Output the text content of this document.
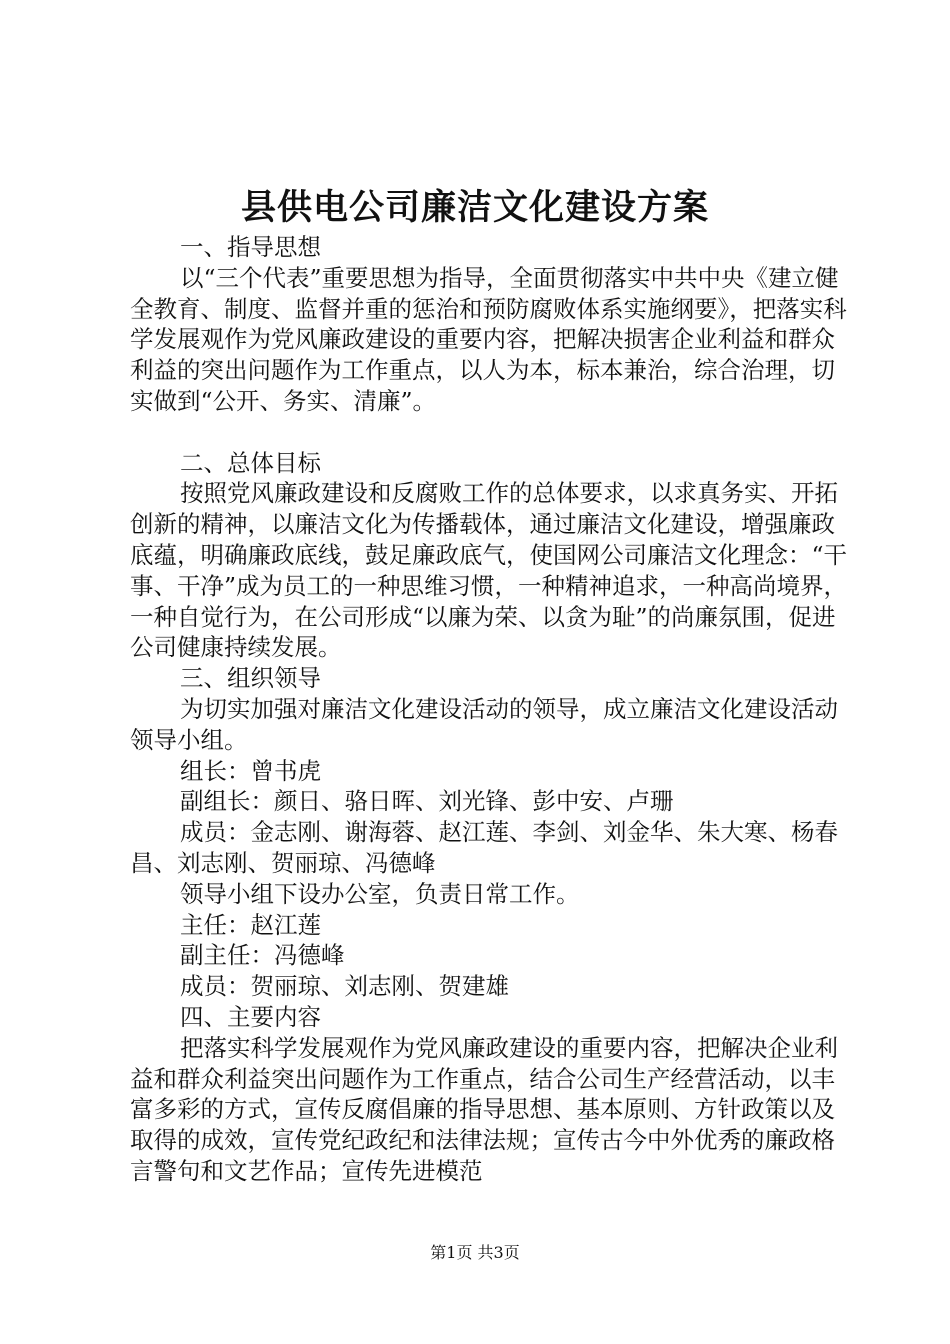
县供电公司廉洁文化建设方案

一、指导思想

以“三个代表”重要思想为指导，全面贯彻落实中共中央《建立健全教育、制度、监督并重的惩治和预防腐败体系实施纲要》，把落实科学发展观作为党风廉政建设的重要内容，把解决损害企业利益和群众利益的突出问题作为工作重点，以人为本，标本兼治，综合治理，切实做到“公开、务实、清廉”。

二、总体目标

按照党风廉政建设和反腐败工作的总体要求，以求真务实、开拓创新的精神，以廉洁文化为传播载体，通过廉洁文化建设，增强廉政底蕴，明确廉政底线，鼓足廉政底气，使国网公司廉洁文化理念：“干事、干净”成为员工的一种思维习惯，一种精神追求，一种高尚境界，一种自觉行为，在公司形成“以廉为荣、以贪为耻”的尚廉氛围，促进公司健康持续发展。

三、组织领导

为切实加强对廉洁文化建设活动的领导，成立廉洁文化建设活动领导小组。

组长：曾书虎

副组长：颜日、骆日晖、刘光锋、彭中安、卢珊

成员：金志刚、谢海蓉、赵江莲、李剑、刘金华、朱大寒、杨春昌、刘志刚、贺丽琼、冯德峰

领导小组下设办公室，负责日常工作。

主任：赵江莲

副主任：冯德峰

成员：贺丽琼、刘志刚、贺建雄

四、主要内容

把落实科学发展观作为党风廉政建设的重要内容，把解决企业利益和群众利益突出问题作为工作重点，结合公司生产经营活动，以丰富多彩的方式，宣传反腐倡廉的指导思想、基本原则、方针政策以及取得的成效，宣传党纪政纪和法律法规；宣传古今中外优秀的廉政格言警句和文艺作品；宣传先进模范

第1页 共3页
